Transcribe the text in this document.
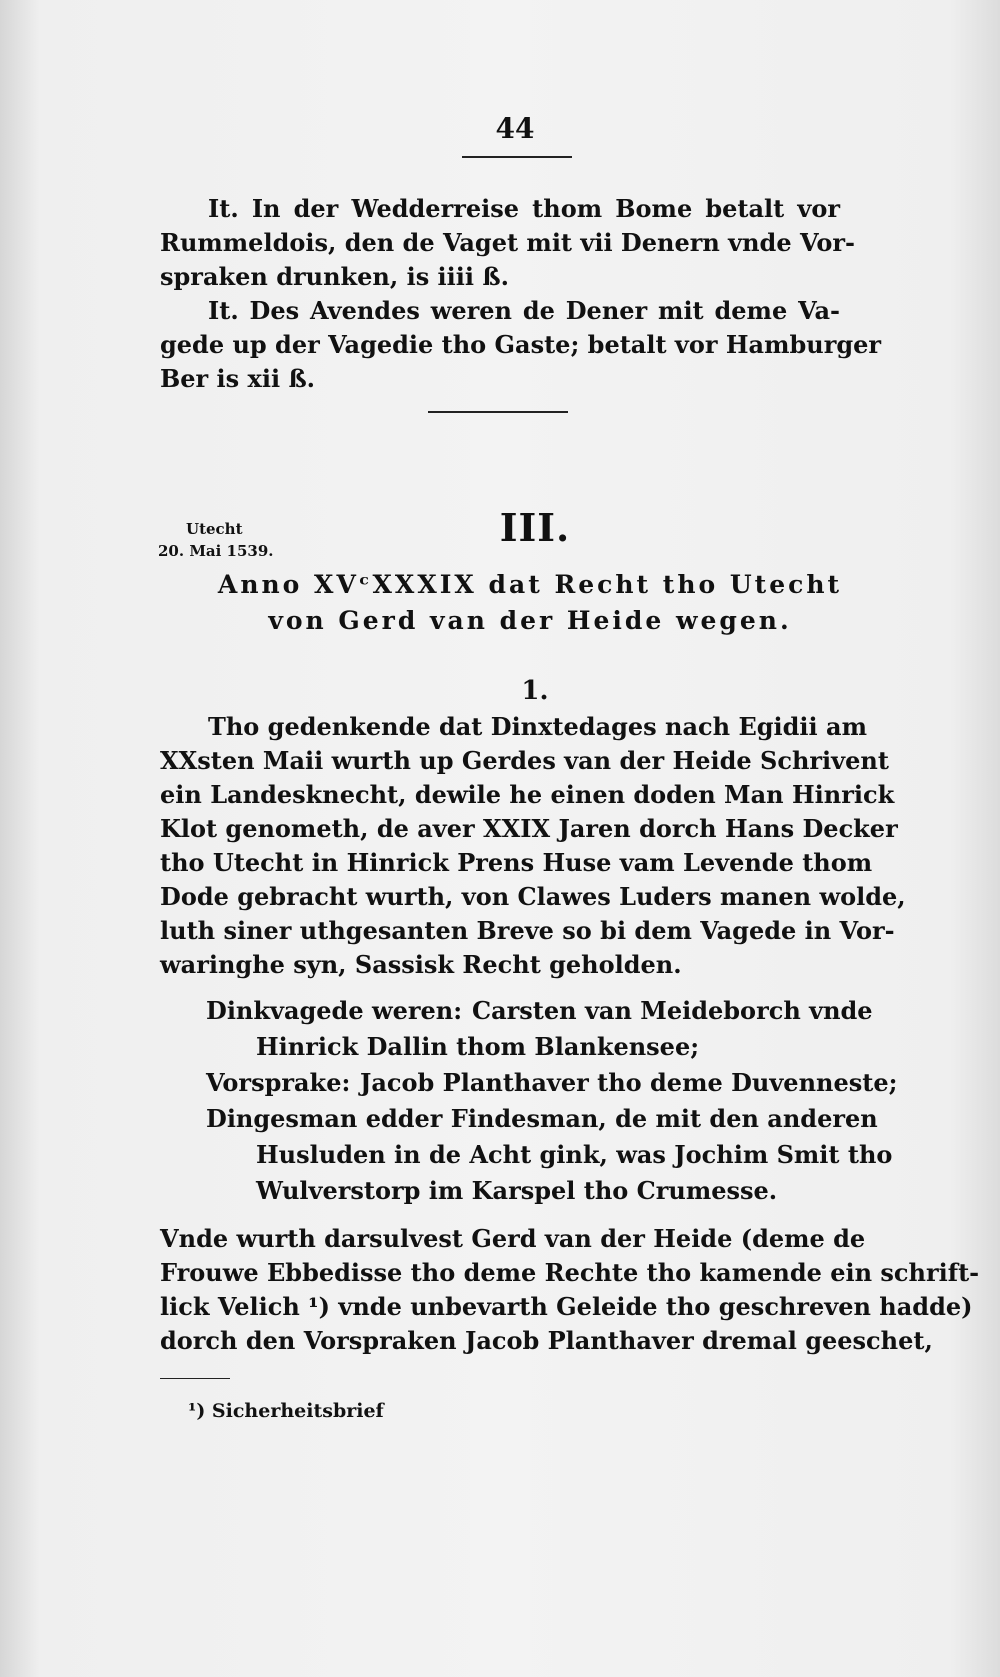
44
It. In der Wedderreise thom Bome betalt vor
Rummeldois, den de Vaget mit vii Denern vnde Vor-
spraken drunken, is iiii ß.
It. Des Avendes weren de Dener mit deme Va-
gede up der Vagedie tho Gaste; betalt vor Hamburger
Ber is xii ß.
III.
Utecht
20. Mai 1539.
Anno XVᶜXXXIX dat Recht tho Utecht
von Gerd van der Heide wegen.
1.
Tho gedenkende dat Dinxtedages nach Egidii am
XXsten Maii wurth up Gerdes van der Heide Schrivent
ein Landesknecht, dewile he einen doden Man Hinrick
Klot genometh, de aver XXIX Jaren dorch Hans Decker
tho Utecht in Hinrick Prens Huse vam Levende thom
Dode gebracht wurth, von Clawes Luders manen wolde,
luth siner uthgesanten Breve so bi dem Vagede in Vor-
waringhe syn, Sassisk Recht geholden.
Dinkvagede weren: Carsten van Meideborch vnde
Hinrick Dallin thom Blankensee;
Vorsprake: Jacob Planthaver tho deme Duvenneste;
Dingesman edder Findesman, de mit den anderen
Husluden in de Acht gink, was Jochim Smit tho
Wulverstorp im Karspel tho Crumesse.
Vnde wurth darsulvest Gerd van der Heide (deme de
Frouwe Ebbedisse tho deme Rechte tho kamende ein schrift-
lick Velich ¹) vnde unbevarth Geleide tho geschreven hadde)
dorch den Vorspraken Jacob Planthaver dremal geeschet,
¹) Sicherheitsbrief
